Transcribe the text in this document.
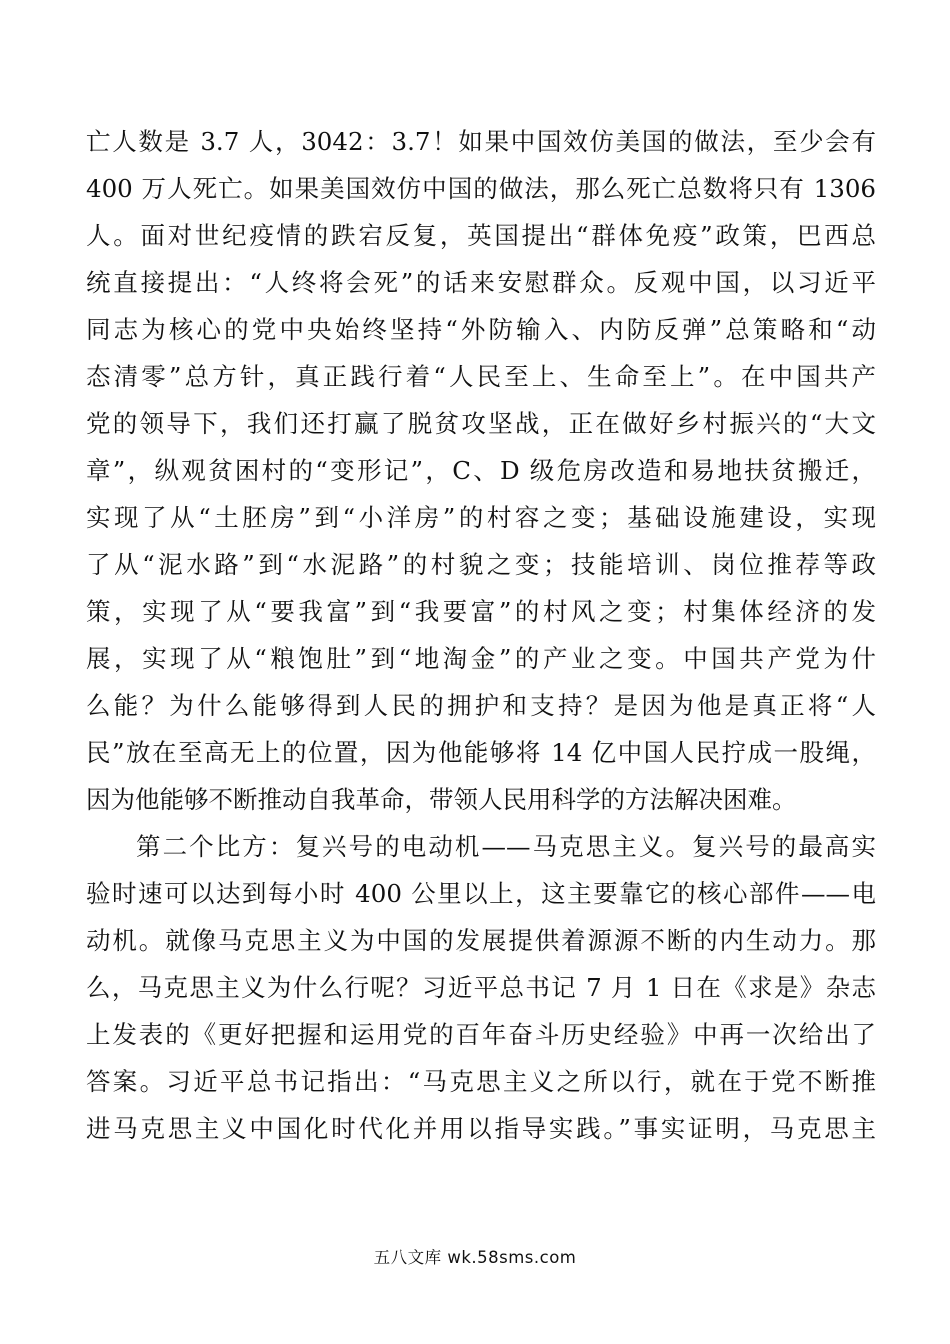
亡人数是 3.7 人，3042：3.7！如果中国效仿美国的做法，至少会有
400 万人死亡。如果美国效仿中国的做法，那么死亡总数将只有 1306
人。面对世纪疫情的跌宕反复，英国提出“群体免疫”政策，巴西总
统直接提出：“人终将会死”的话来安慰群众。反观中国，以习近平
同志为核心的党中央始终坚持“外防输入、内防反弹”总策略和“动
态清零”总方针，真正践行着“人民至上、生命至上”。在中国共产
党的领导下，我们还打赢了脱贫攻坚战，正在做好乡村振兴的“大文
章”，纵观贫困村的“变形记”，C、D 级危房改造和易地扶贫搬迁，
实现了从“土胚房”到“小洋房”的村容之变；基础设施建设，实现
了从“泥水路”到“水泥路”的村貌之变；技能培训、岗位推荐等政
策，实现了从“要我富”到“我要富”的村风之变；村集体经济的发
展，实现了从“粮饱肚”到“地淘金”的产业之变。中国共产党为什
么能？为什么能够得到人民的拥护和支持？是因为他是真正将“人
民”放在至高无上的位置，因为他能够将 14 亿中国人民拧成一股绳，
因为他能够不断推动自我革命，带领人民用科学的方法解决困难。
第二个比方：复兴号的电动机——马克思主义。复兴号的最高实
验时速可以达到每小时 400 公里以上，这主要靠它的核心部件——电
动机。就像马克思主义为中国的发展提供着源源不断的内生动力。那
么，马克思主义为什么行呢？习近平总书记 7 月 1 日在《求是》杂志
上发表的《更好把握和运用党的百年奋斗历史经验》中再一次给出了
答案。习近平总书记指出：“马克思主义之所以行，就在于党不断推
进马克思主义中国化时代化并用以指导实践。”事实证明，马克思主
五八文库 wk.58sms.com
